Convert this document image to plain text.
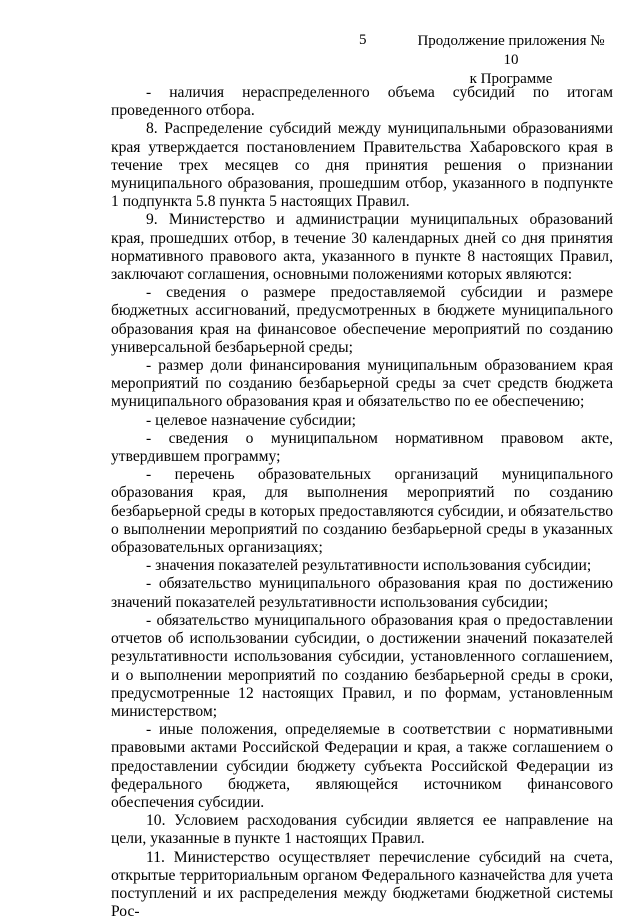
5	Продолжение приложения № 10
к Программе

- наличия нераспределенного объема субсидий по итогам проведенного отбора.

8. Распределение субсидий между муниципальными образованиями края утверждается постановлением Правительства Хабаровского края в течение трех месяцев со дня принятия решения о признании муниципального образования, прошедшим отбор, указанного в подпункте 1 подпункта 5.8 пункта 5 настоящих Правил.

9. Министерство и администрации муниципальных образований края, прошедших отбор, в течение 30 календарных дней со дня принятия нормативного правового акта, указанного в пункте 8 настоящих Правил, заключают соглашения, основными положениями которых являются:

- сведения о размере предоставляемой субсидии и размере бюджетных ассигнований, предусмотренных в бюджете муниципального образования края на финансовое обеспечение мероприятий по созданию универсальной безбарьерной среды;

- размер доли финансирования муниципальным образованием края мероприятий по созданию безбарьерной среды за счет средств бюджета муниципального образования края и обязательство по ее обеспечению;

- целевое назначение субсидии;

- сведения о муниципальном нормативном правовом акте, утвердившем программу;

- перечень образовательных организаций муниципального образования края, для выполнения мероприятий по созданию безбарьерной среды в которых предоставляются субсидии, и обязательство о выполнении мероприятий по созданию безбарьерной среды в указанных образовательных организациях;

- значения показателей результативности использования субсидии;

- обязательство муниципального образования края по достижению значений показателей результативности использования субсидии;

- обязательство муниципального образования края о предоставлении отчетов об использовании субсидии, о достижении значений показателей результативности использования субсидии, установленного соглашением, и о выполнении мероприятий по созданию безбарьерной среды в сроки, предусмотренные 12 настоящих Правил, и по формам, установленным министерством;

- иные положения, определяемые в соответствии с нормативными правовыми актами Российской Федерации и края, а также соглашением о предоставлении субсидии бюджету субъекта Российской Федерации из федерального бюджета, являющейся источником финансового обеспечения субсидии.

10. Условием расходования субсидии является ее направление на цели, указанные в пункте 1 настоящих Правил.

11. Министерство осуществляет перечисление субсидий на счета, открытые территориальным органом Федерального казначейства для учета поступлений и их распределения между бюджетами бюджетной системы Рос-
